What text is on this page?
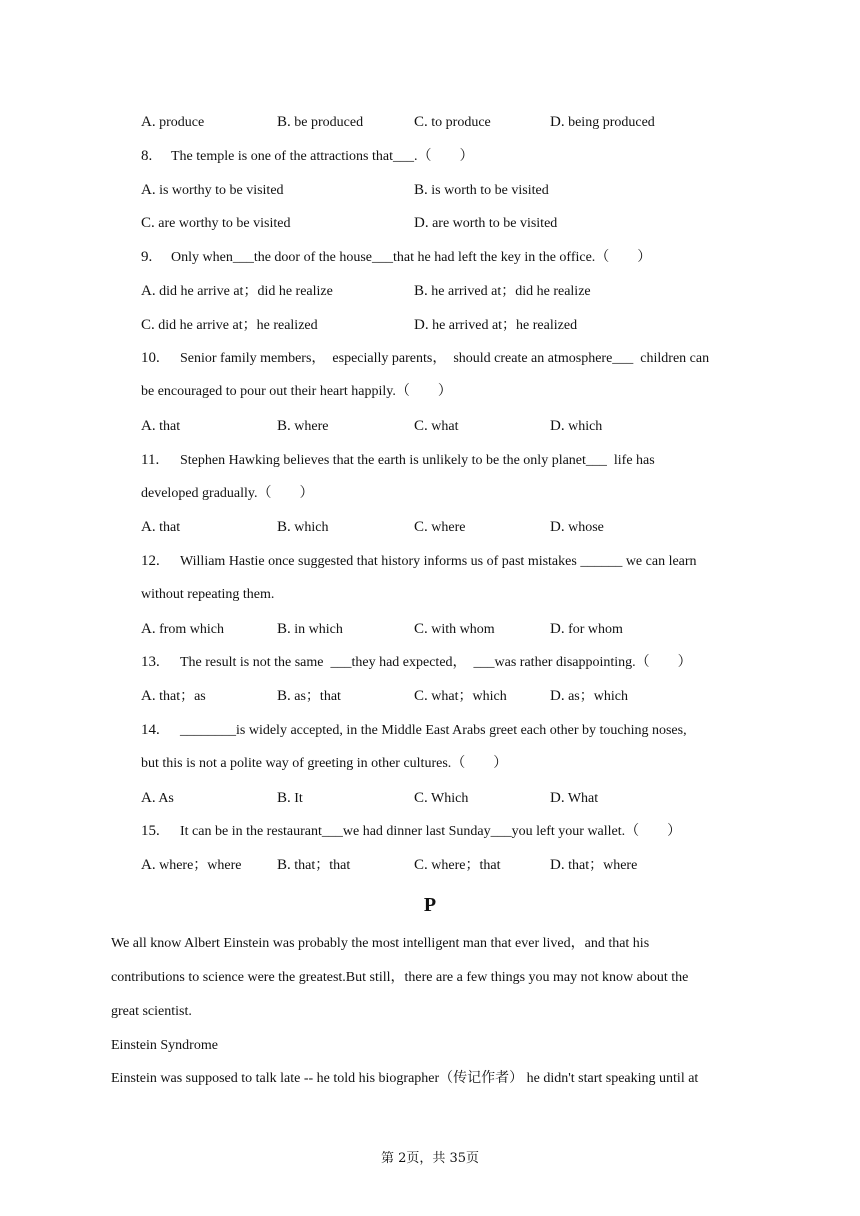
A. produce	B. be produced	C. to produce	D. being produced
8. The temple is one of the attractions that___.（　　）
A. is worthy to be visited	B. is worth to be visited
C. are worthy to be visited	D. are worth to be visited
9. Only when___the door of the house___that he had left the key in the office.（　　）
A. did he arrive at；did he realize	B. he arrived at；did he realize
C. did he arrive at；he realized	D. he arrived at；he realized
10. Senior family members，  especially parents，  should create an atmosphere___  children can
be encouraged to pour out their heart happily.（　　）
A. that	B. where	C. what	D. which
11. Stephen Hawking believes that the earth is unlikely to be the only planet___  life has
developed gradually.（　　）
A. that	B. which	C. where	D. whose
12. William Hastie once suggested that history informs us of past mistakes ______ we can learn
without repeating them.
A. from which	B. in which	C. with whom	D. for whom
13. The result is not the same  ___they had expected，  ___was rather disappointing.（　　）
A. that；as	B. as；that	C. what；which	D. as；which
14. ________is widely accepted, in the Middle East Arabs greet each other by touching noses,
but this is not a polite way of greeting in other cultures.（　　）
A. As	B. It	C. Which	D. What
15. It can be in the restaurant___we had dinner last Sunday___you left your wallet.（　　）
A. where；where B. that；that	C. where；that	D. that；where
P
We all know Albert Einstein was probably the most intelligent man that ever lived，and that his
contributions to science were the greatest.But still，there are a few things you may not know about the
great scientist.
Einstein Syndrome
Einstein was supposed to talk late -- he told his biographer（传记作者） he didn't start speaking until at
第 2页，共 35页
